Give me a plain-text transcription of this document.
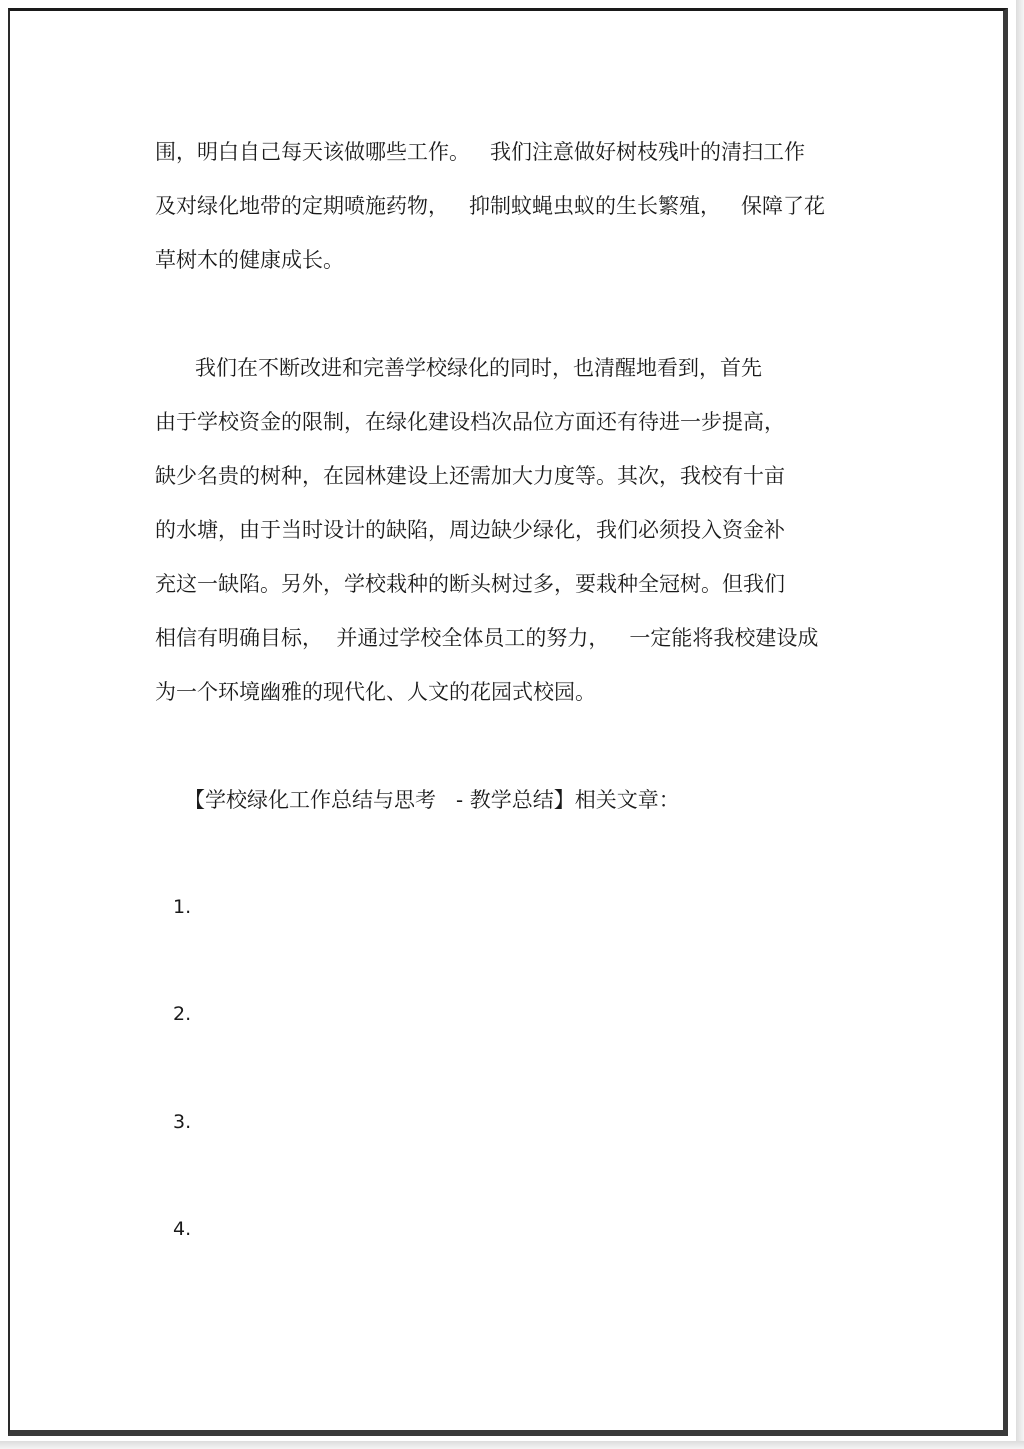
围，明白自己每天该做哪些工作。   我们注意做好树枝残叶的清扫工作
及对绿化地带的定期喷施药物，   抑制蚊蝇虫蚁的生长繁殖，   保障了花
草树木的健康成长。
我们在不断改进和完善学校绿化的同时，也清醒地看到，首先
由于学校资金的限制，在绿化建设档次品位方面还有待进一步提高，
缺少名贵的树种，在园林建设上还需加大力度等。其次，我校有十亩
的水塘，由于当时设计的缺陷，周边缺少绿化，我们必须投入资金补
充这一缺陷。另外，学校栽种的断头树过多，要栽种全冠树。但我们
相信有明确目标，  并通过学校全体员工的努力，   一定能将我校建设成
为一个环境幽雅的现代化、人文的花园式校园。
【学校绿化工作总结与思考   - 教学总结】相关文章：
1.
2.
3.
4.
